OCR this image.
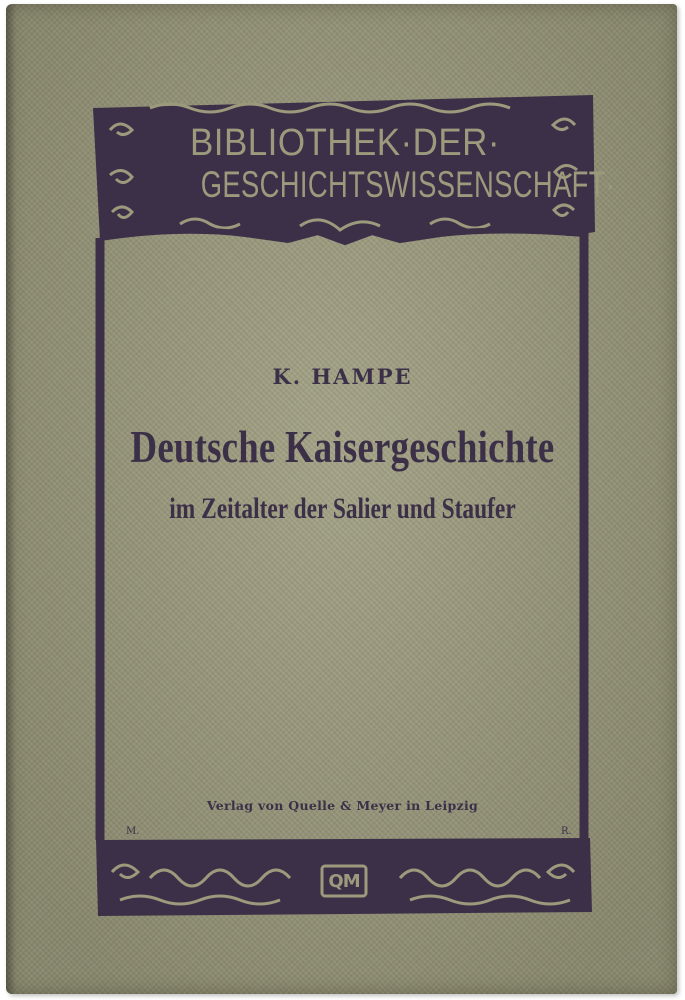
BIBLIOTHEK·DER·
GESCHICHTSWISSENSCHAFT·
K. HAMPE
Deutsche Kaisergeschichte
im Zeitalter der Salier und Staufer
Verlag von Quelle & Meyer in Leipzig
M.	R.
QM
